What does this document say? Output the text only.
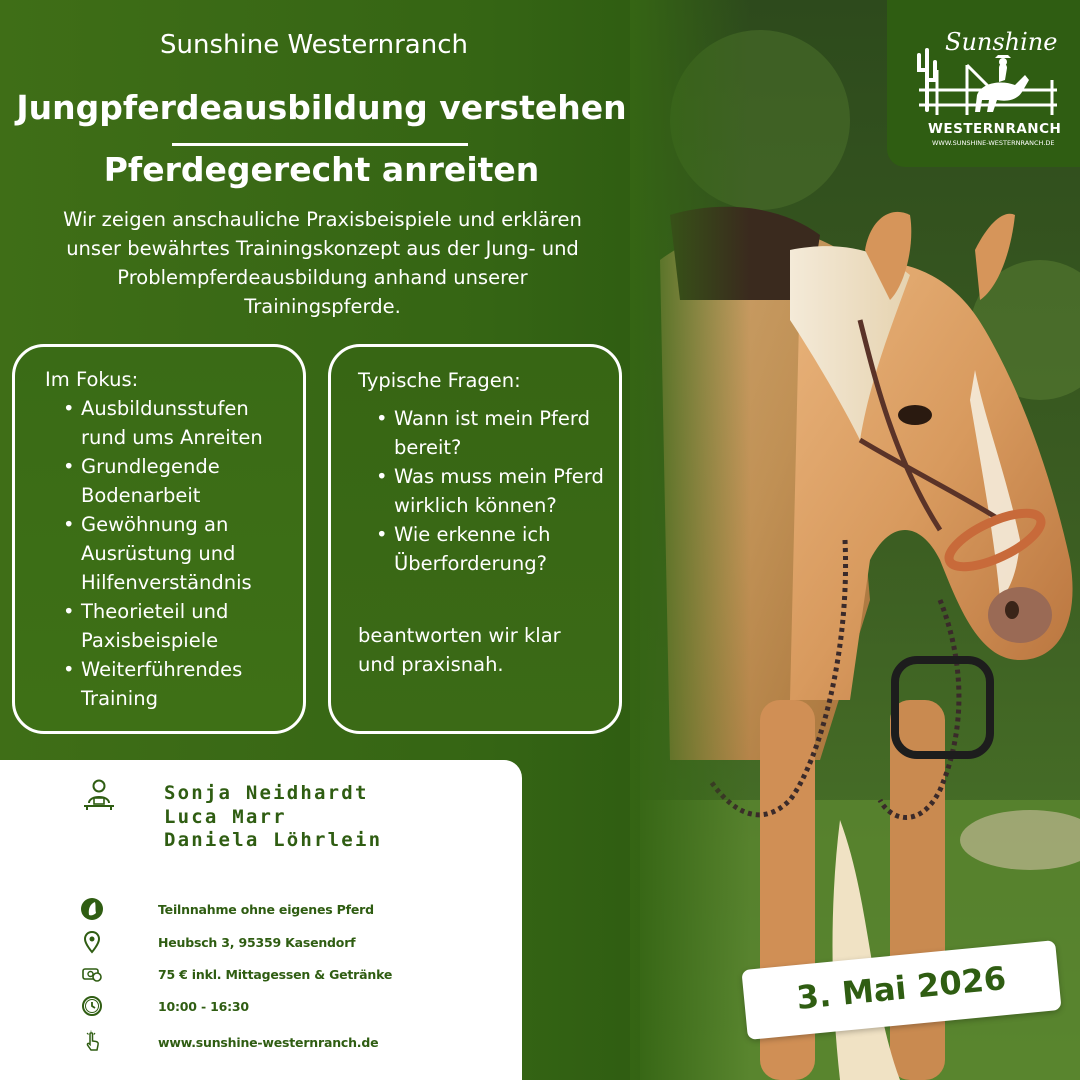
Sunshine
WESTERNRANCH
WWW.SUNSHINE-WESTERNRANCH.DE
Sunshine Westernranch
Jungpferdeausbildung verstehen
Pferdegerecht anreiten
Wir zeigen anschauliche Praxisbeispiele und erklären unser bewährtes Trainingskonzept aus der Jung- und Problempferdeausbildung anhand unserer Trainingspferde.
Im Fokus:
• Ausbildunsstufen rund ums Anreiten
• Grundlegende Bodenarbeit
• Gewöhnung an Ausrüstung und Hilfenverständnis
• Theorieteil und Paxisbeispiele
• Weiterführendes Training
Typische Fragen:
• Wann ist mein Pferd bereit?
• Was muss mein Pferd wirklich können?
• Wie erkenne ich Überforderung?

beantworten wir klar und praxisnah.

Sonja Neidhardt
Luca Marr
Daniela Löhrlein
Teilnnahme ohne eigenes Pferd
Heubsch 3, 95359 Kasendorf
75 € inkl. Mittagessen & Getränke
10:00 - 16:30
www.sunshine-westernranch.de
3. Mai 2026
